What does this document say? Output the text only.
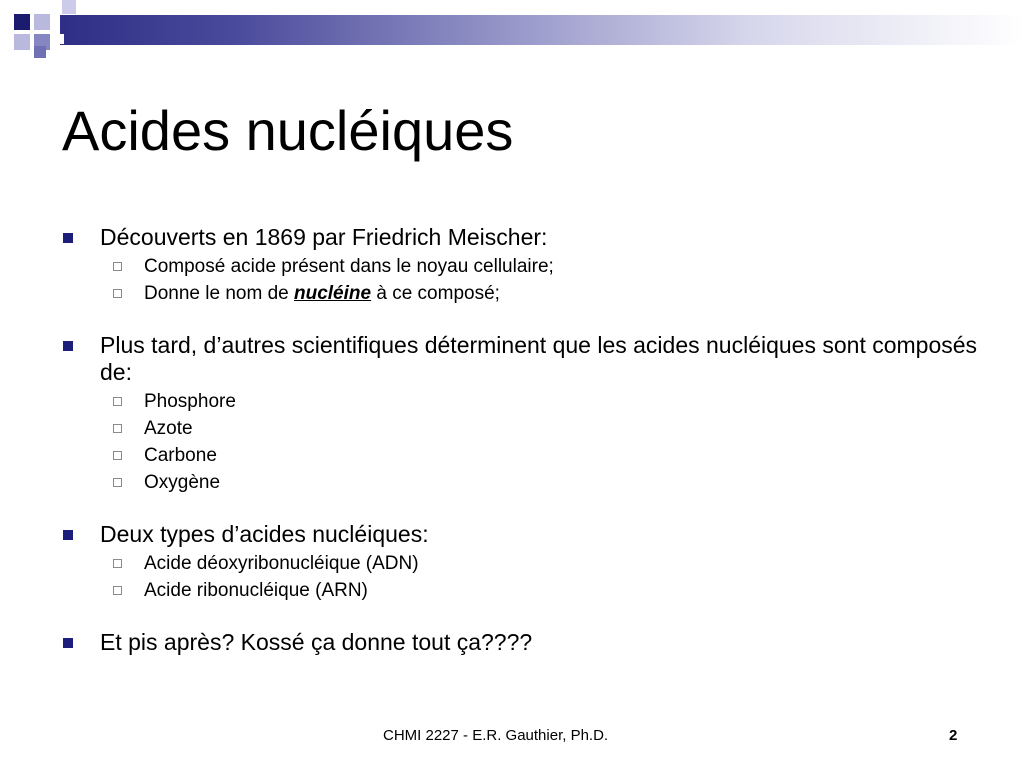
Acides nucléiques
Découverts en 1869 par Friedrich Meischer:
Composé acide présent dans le noyau cellulaire;
Donne le nom de nucléine à ce composé;
Plus tard, d’autres scientifiques déterminent que les acides nucléiques sont composés de:
Phosphore
Azote
Carbone
Oxygène
Deux types d’acides nucléiques:
Acide déoxyribonucléique (ADN)
Acide ribonucléique (ARN)
Et pis après? Kossé ça donne tout ça????
CHMI 2227 - E.R. Gauthier, Ph.D.	2
